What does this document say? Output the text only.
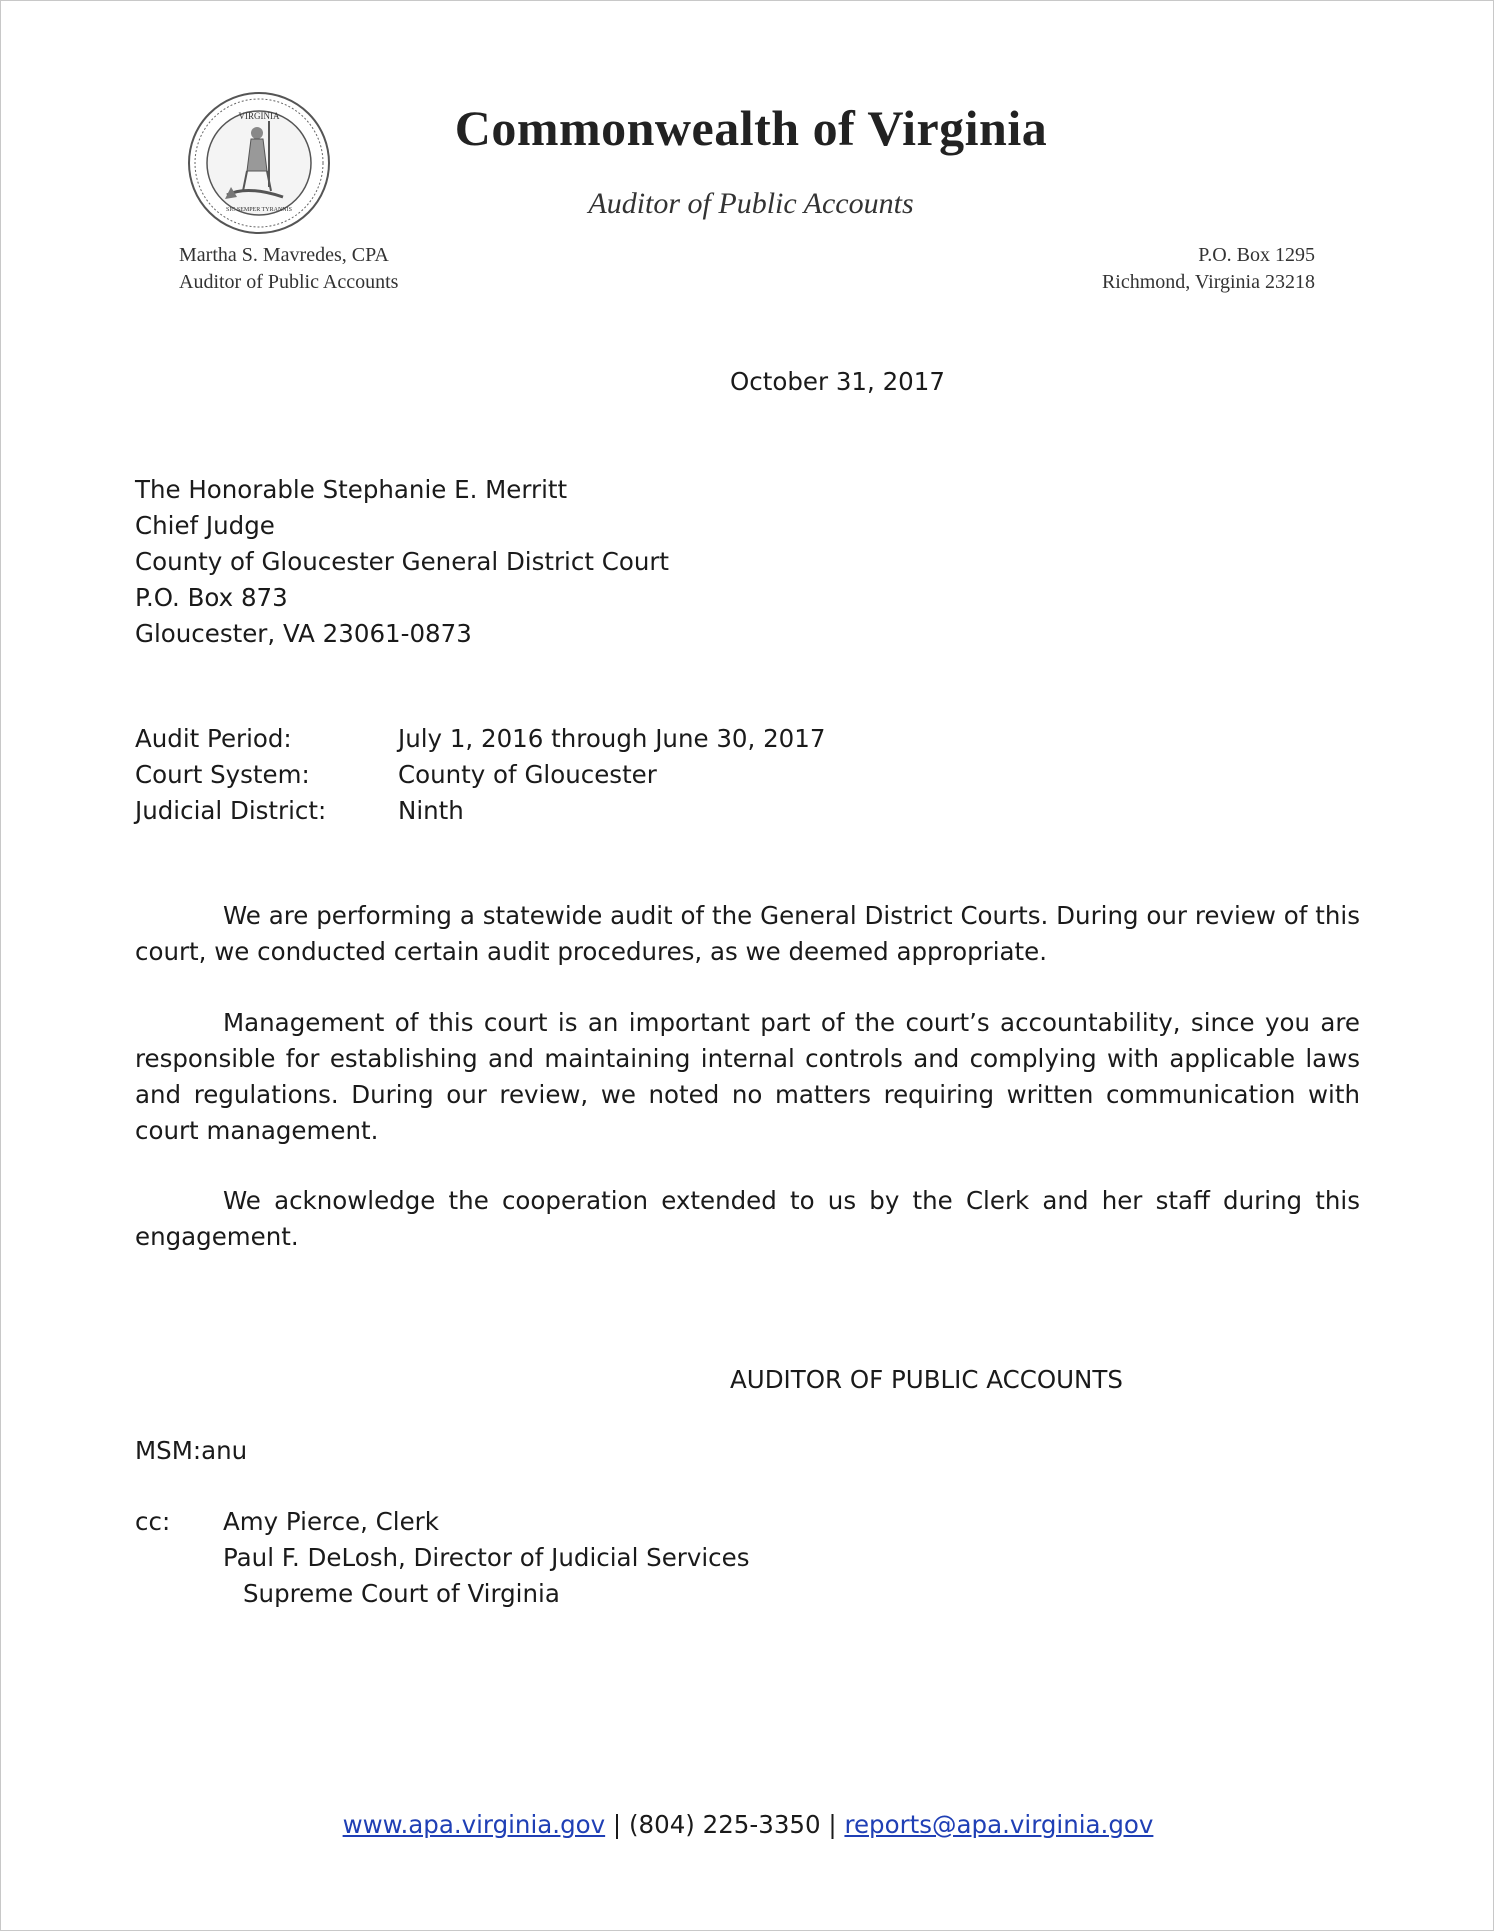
VIRGINIA
SIC SEMPER TYRANNIS
Commonwealth of Virginia
Auditor of Public Accounts
Martha S. Mavredes, CPA
Auditor of Public Accounts
P.O. Box 1295
Richmond, Virginia 23218
October 31, 2017
The Honorable Stephanie E. Merritt
Chief Judge
County of Gloucester General District Court
P.O. Box 873
Gloucester, VA 23061-0873
Audit Period:	July 1, 2016 through June 30, 2017
Court System:	County of Gloucester
Judicial District:	Ninth
We are performing a statewide audit of the General District Courts. During our review of this court, we conducted certain audit procedures, as we deemed appropriate.
Management of this court is an important part of the court’s accountability, since you are responsible for establishing and maintaining internal controls and complying with applicable laws and regulations. During our review, we noted no matters requiring written communication with court management.
We acknowledge the cooperation extended to us by the Clerk and her staff during this engagement.
AUDITOR OF PUBLIC ACCOUNTS
MSM:anu
cc:	Amy Pierce, Clerk
Paul F. DeLosh, Director of Judicial Services
Supreme Court of Virginia
www.apa.virginia.gov | (804) 225-3350 | reports@apa.virginia.gov
